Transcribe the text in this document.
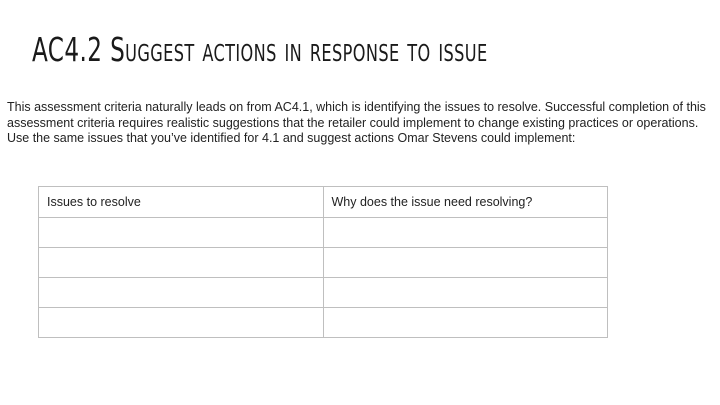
AC4.2 Suggest actions in response to issue

This assessment criteria naturally leads on from AC4.1, which is identifying the issues to resolve. Successful completion of this assessment criteria requires realistic suggestions that the retailer could implement to change existing practices or operations.

Use the same issues that you’ve identified for 4.1 and suggest actions Omar Stevens could implement:

Issues to resolve	Why does the issue need resolving?
